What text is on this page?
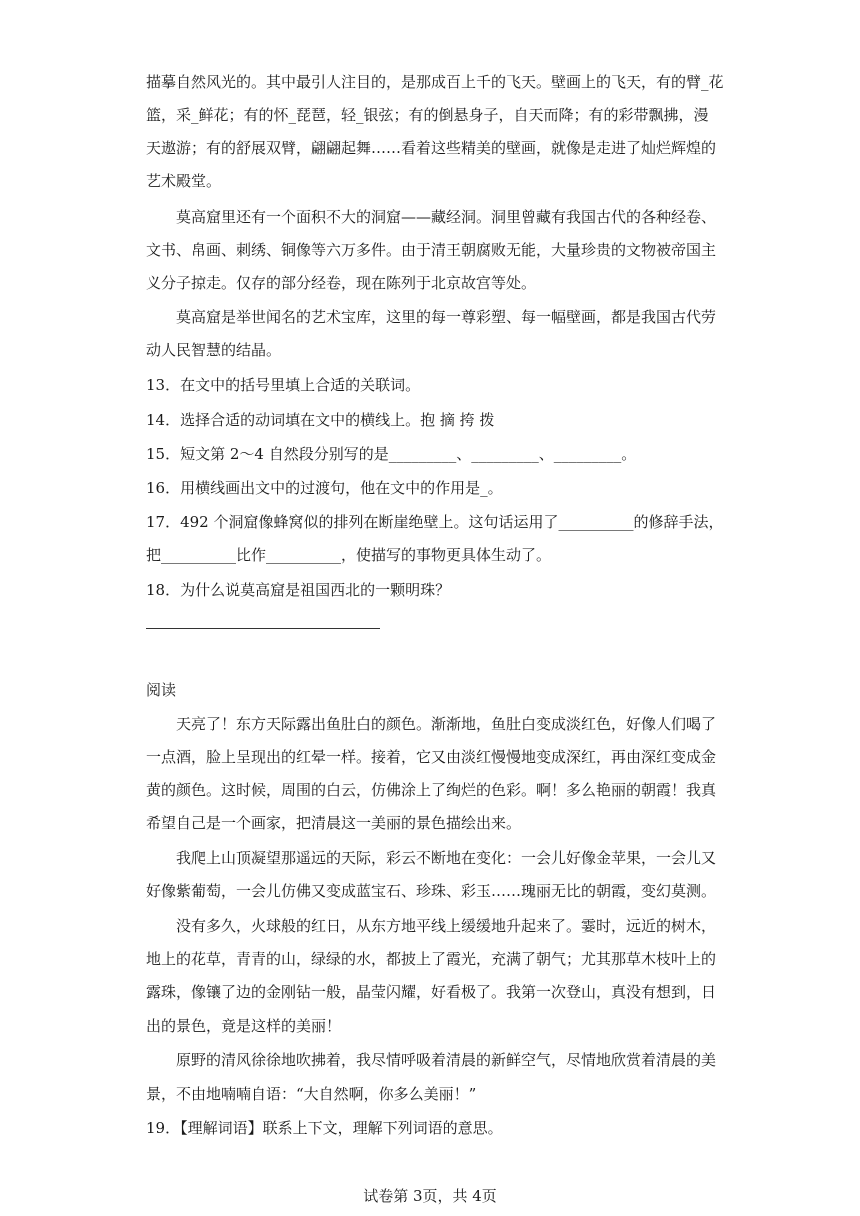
描摹自然风光的。其中最引人注目的，是那成百上千的飞天。壁画上的飞天，有的臂_花
篮，采_鲜花；有的怀_琵琶，轻_银弦；有的倒悬身子，自天而降；有的彩带飘拂，漫
天遨游；有的舒展双臂，翩翩起舞……看着这些精美的壁画，就像是走进了灿烂辉煌的
艺术殿堂。
莫高窟里还有一个面积不大的洞窟——藏经洞。洞里曾藏有我国古代的各种经卷、
文书、帛画、刺绣、铜像等六万多件。由于清王朝腐败无能，大量珍贵的文物被帝国主
义分子掠走。仅存的部分经卷，现在陈列于北京故宫等处。
莫高窟是举世闻名的艺术宝库，这里的每一尊彩塑、每一幅壁画，都是我国古代劳
动人民智慧的结晶。
13．在文中的括号里填上合适的关联词。
14．选择合适的动词填在文中的横线上。抱 摘 挎 拨
15．短文第 2～4 自然段分别写的是_________、_________、_________。
16．用横线画出文中的过渡句，他在文中的作用是_。
17．492 个洞窟像蜂窝似的排列在断崖绝壁上。这句话运用了__________的修辞手法，
把__________比作__________，使描写的事物更具体生动了。
18．为什么说莫高窟是祖国西北的一颗明珠？
阅读
天亮了！东方天际露出鱼肚白的颜色。渐渐地，鱼肚白变成淡红色，好像人们喝了
一点酒，脸上呈现出的红晕一样。接着，它又由淡红慢慢地变成深红，再由深红变成金
黄的颜色。这时候，周围的白云，仿佛涂上了绚烂的色彩。啊！多么艳丽的朝霞！我真
希望自己是一个画家，把清晨这一美丽的景色描绘出来。
我爬上山顶凝望那遥远的天际，彩云不断地在变化：一会儿好像金苹果，一会儿又
好像紫葡萄，一会儿仿佛又变成蓝宝石、珍珠、彩玉……瑰丽无比的朝霞，变幻莫测。
没有多久，火球般的红日，从东方地平线上缓缓地升起来了。霎时，远近的树木，
地上的花草，青青的山，绿绿的水，都披上了霞光，充满了朝气；尤其那草木枝叶上的
露珠，像镶了边的金刚钻一般，晶莹闪耀，好看极了。我第一次登山，真没有想到，日
出的景色，竟是这样的美丽！
原野的清风徐徐地吹拂着，我尽情呼吸着清晨的新鲜空气，尽情地欣赏着清晨的美
景，不由地喃喃自语：“大自然啊，你多么美丽！”
19．【理解词语】联系上下文，理解下列词语的意思。
试卷第 3页，共 4页
